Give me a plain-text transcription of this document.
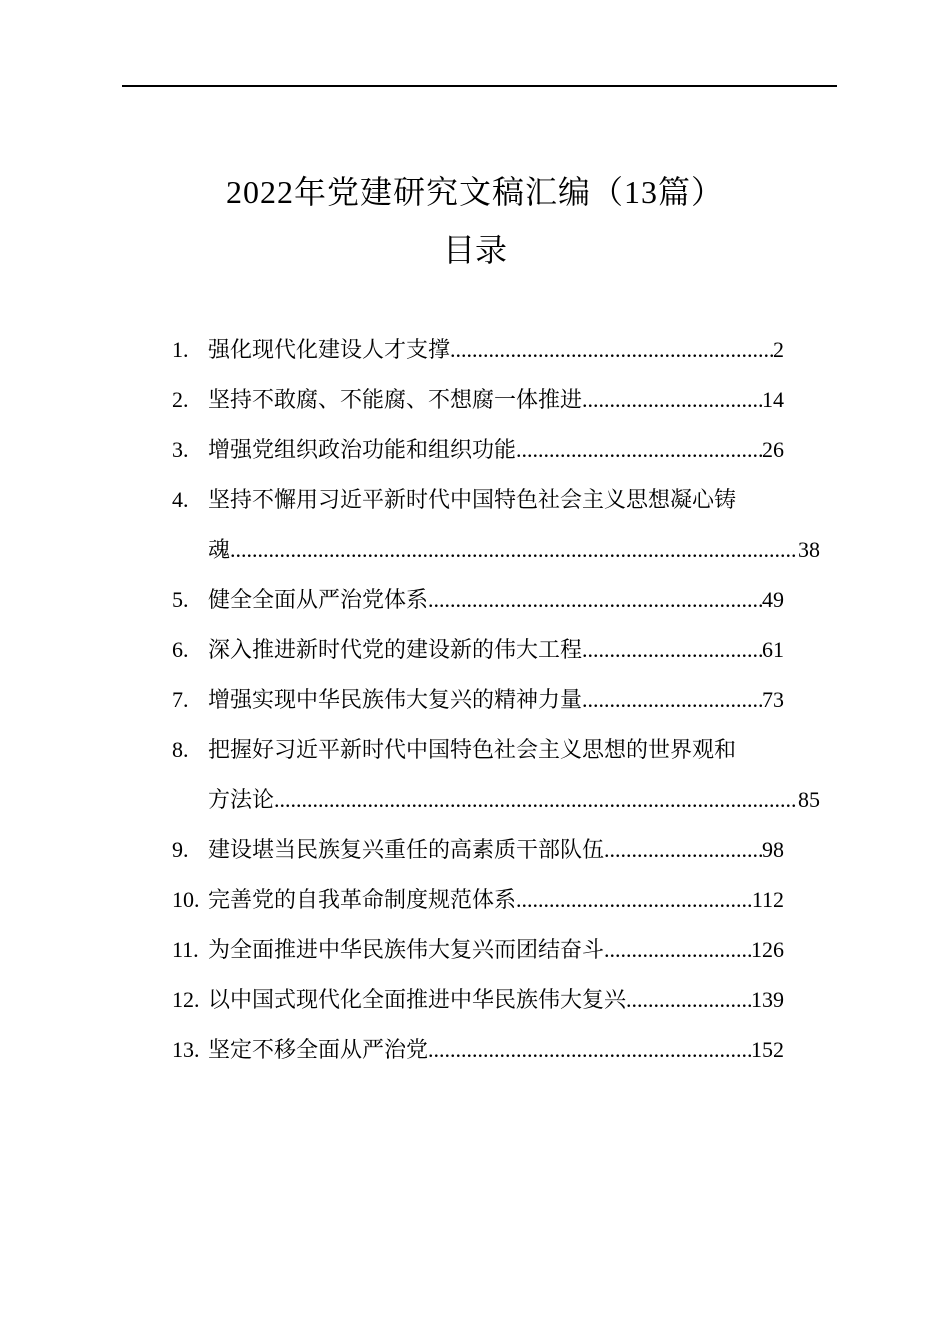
2022年党建研究文稿汇编（13篇）
目录
1. 强化现代化建设人才支撑 .....	2
2. 坚持不敢腐、不能腐、不想腐一体推进 .....	14
3. 增强党组织政治功能和组织功能 .....	26
4. 坚持不懈用习近平新时代中国特色社会主义思想凝心铸
魂 .....	38
5. 健全全面从严治党体系 .....	49
6. 深入推进新时代党的建设新的伟大工程 .....	61
7. 增强实现中华民族伟大复兴的精神力量 .....	73
8. 把握好习近平新时代中国特色社会主义思想的世界观和
方法论 .....	85
9. 建设堪当民族复兴重任的高素质干部队伍 .....	98
10. 完善党的自我革命制度规范体系 .....	112
11. 为全面推进中华民族伟大复兴而团结奋斗 .....	126
12. 以中国式现代化全面推进中华民族伟大复兴 .....	139
13. 坚定不移全面从严治党 .....	152
